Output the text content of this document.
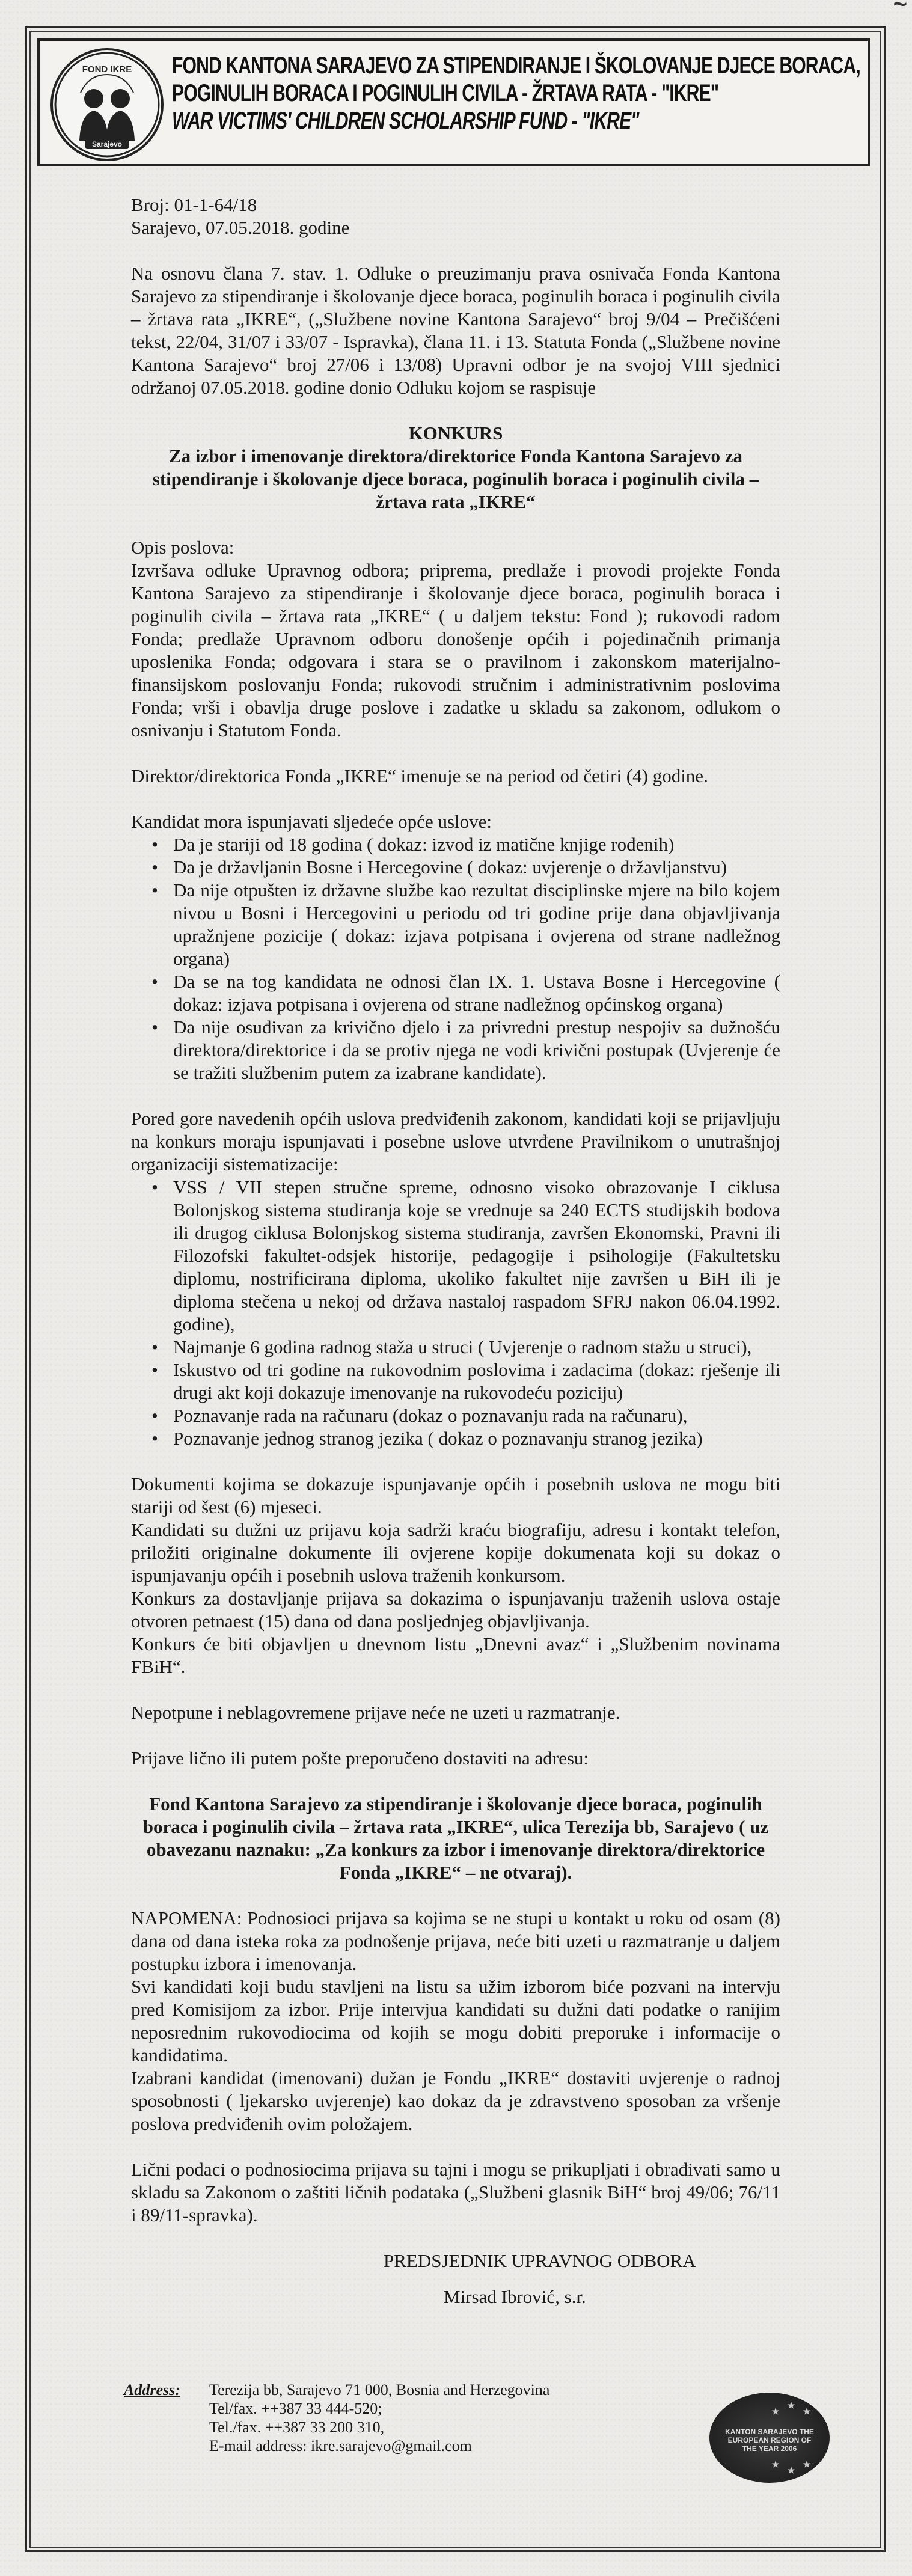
~
Sarajevo
FOND IKRE FOND KANTONA SARAJEVO ZA STIPENDIRANJE I ŠKOLOVANJE DJECE BORACA,
POGINULIH BORACA I POGINULIH CIVILA - ŽRTAVA RATA - "IKRE"
WAR VICTIMS' CHILDREN SCHOLARSHIP FUND - "IKRE"

Broj: 01-1-64/18

Sarajevo, 07.05.2018. godine

Na osnovu člana 7. stav. 1. Odluke o preuzimanju prava osnivača Fonda Kantona Sarajevo za stipendiranje i školovanje djece boraca, poginulih boraca i poginulih civila – žrtava rata „IKRE“, („Službene novine Kantona Sarajevo“ broj 9/04 – Prečišćeni tekst, 22/04, 31/07 i 33/07 - Ispravka), člana 11. i 13. Statuta Fonda („Službene novine Kantona Sarajevo“ broj 27/06 i 13/08) Upravni odbor je na svojoj VIII sjednici održanoj 07.05.2018. godine donio Odluku kojom se raspisuje

KONKURS

Za izbor i imenovanje direktora/direktorice Fonda Kantona Sarajevo za stipendiranje i školovanje djece boraca, poginulih boraca i poginulih civila – žrtava rata „IKRE“

Opis poslova:

Izvršava odluke Upravnog odbora; priprema, predlaže i provodi projekte Fonda Kantona Sarajevo za stipendiranje i školovanje djece boraca, poginulih boraca i poginulih civila – žrtava rata „IKRE“ ( u daljem tekstu: Fond ); rukovodi radom Fonda; predlaže Upravnom odboru donošenje općih i pojedinačnih primanja uposlenika Fonda; odgovara i stara se o pravilnom i zakonskom materijalno-finansijskom poslovanju Fonda; rukovodi stručnim i administrativnim poslovima Fonda; vrši i obavlja druge poslove i zadatke u skladu sa zakonom, odlukom o osnivanju i Statutom Fonda.

Direktor/direktorica Fonda „IKRE“ imenuje se na period od četiri (4) godine.

Kandidat mora ispunjavati sljedeće opće uslove:

• Da je stariji od 18 godina ( dokaz: izvod iz matične knjige rođenih)
• Da je državljanin Bosne i Hercegovine ( dokaz: uvjerenje o državljanstvu)
• Da nije otpušten iz državne službe kao rezultat disciplinske mjere na bilo kojem nivou u Bosni i Hercegovini u periodu od tri godine prije dana objavljivanja upražnjene pozicije ( dokaz: izjava potpisana i ovjerena od strane nadležnog organa)
• Da se na tog kandidata ne odnosi član IX. 1. Ustava Bosne i Hercegovine ( dokaz: izjava potpisana i ovjerena od strane nadležnog općinskog organa)
• Da nije osuđivan za krivično djelo i za privredni prestup nespojiv sa dužnošću direktora/direktorice i da se protiv njega ne vodi krivični postupak (Uvjerenje će se tražiti službenim putem za izabrane kandidate).

Pored gore navedenih općih uslova predviđenih zakonom, kandidati koji se prijavljuju na konkurs moraju ispunjavati i posebne uslove utvrđene Pravilnikom o unutrašnjoj organizaciji sistematizacije:

• VSS / VII stepen stručne spreme, odnosno visoko obrazovanje I ciklusa Bolonjskog sistema studiranja koje se vrednuje sa 240 ECTS studijskih bodova ili drugog ciklusa Bolonjskog sistema studiranja, završen Ekonomski, Pravni ili Filozofski fakultet-odsjek historije, pedagogije i psihologije (Fakultetsku diplomu, nostrificirana diploma, ukoliko fakultet nije završen u BiH ili je diploma stečena u nekoj od država nastaloj raspadom SFRJ nakon 06.04.1992. godine),
• Najmanje 6 godina radnog staža u struci ( Uvjerenje o radnom stažu u struci),
• Iskustvo od tri godine na rukovodnim poslovima i zadacima (dokaz: rješenje ili drugi akt koji dokazuje imenovanje na rukovodeću poziciju)
• Poznavanje rada na računaru (dokaz o poznavanju rada na računaru),
• Poznavanje jednog stranog jezika ( dokaz o poznavanju stranog jezika)

Dokumenti kojima se dokazuje ispunjavanje općih i posebnih uslova ne mogu biti stariji od šest (6) mjeseci.

Kandidati su dužni uz prijavu koja sadrži kraću biografiju, adresu i kontakt telefon, priložiti originalne dokumente ili ovjerene kopije dokumenata koji su dokaz o ispunjavanju općih i posebnih uslova traženih konkursom.

Konkurs za dostavljanje prijava sa dokazima o ispunjavanju traženih uslova ostaje otvoren petnaest (15) dana od dana posljednjeg objavljivanja.

Konkurs će biti objavljen u dnevnom listu „Dnevni avaz“ i „Službenim novinama FBiH“.

Nepotpune i neblagovremene prijave neće ne uzeti u razmatranje.

Prijave lično ili putem pošte preporučeno dostaviti na adresu:

Fond Kantona Sarajevo za stipendiranje i školovanje djece boraca, poginulih boraca i poginulih civila – žrtava rata „IKRE“, ulica Terezija bb, Sarajevo ( uz obavezanu naznaku: „Za konkurs za izbor i imenovanje direktora/direktorice Fonda „IKRE“ – ne otvaraj).

NAPOMENA: Podnosioci prijava sa kojima se ne stupi u kontakt u roku od osam (8) dana od dana isteka roka za podnošenje prijava, neće biti uzeti u razmatranje u daljem postupku izbora i imenovanja.

Svi kandidati koji budu stavljeni na listu sa užim izborom biće pozvani na intervju pred Komisijom za izbor. Prije intervjua kandidati su dužni dati podatke o ranijim neposrednim rukovodiocima od kojih se mogu dobiti preporuke i informacije o kandidatima.

Izabrani kandidat (imenovani) dužan je Fondu „IKRE“ dostaviti uvjerenje o radnoj sposobnosti ( ljekarsko uvjerenje) kao dokaz da je zdravstveno sposoban za vršenje poslova predviđenih ovim položajem.

Lični podaci o podnosiocima prijava su tajni i mogu se prikupljati i obrađivati samo u skladu sa Zakonom o zaštiti ličnih podataka („Službeni glasnik BiH“ broj 49/06; 76/11 i 89/11-spravka).

PREDSJEDNIK UPRAVNOG ODBORA

Mirsad Ibrović, s.r.

Address: Terezija bb, Sarajevo 71 000, Bosnia and Herzegovina
Tel/fax. ++387 33 444-520;
Tel./fax. ++387 33 200 310,
E-mail address: ikre.sarajevo@gmail.com
★
★
★
KANTON SARAJEVO THE EUROPEAN REGION OF THE YEAR 2006
★
★
★
